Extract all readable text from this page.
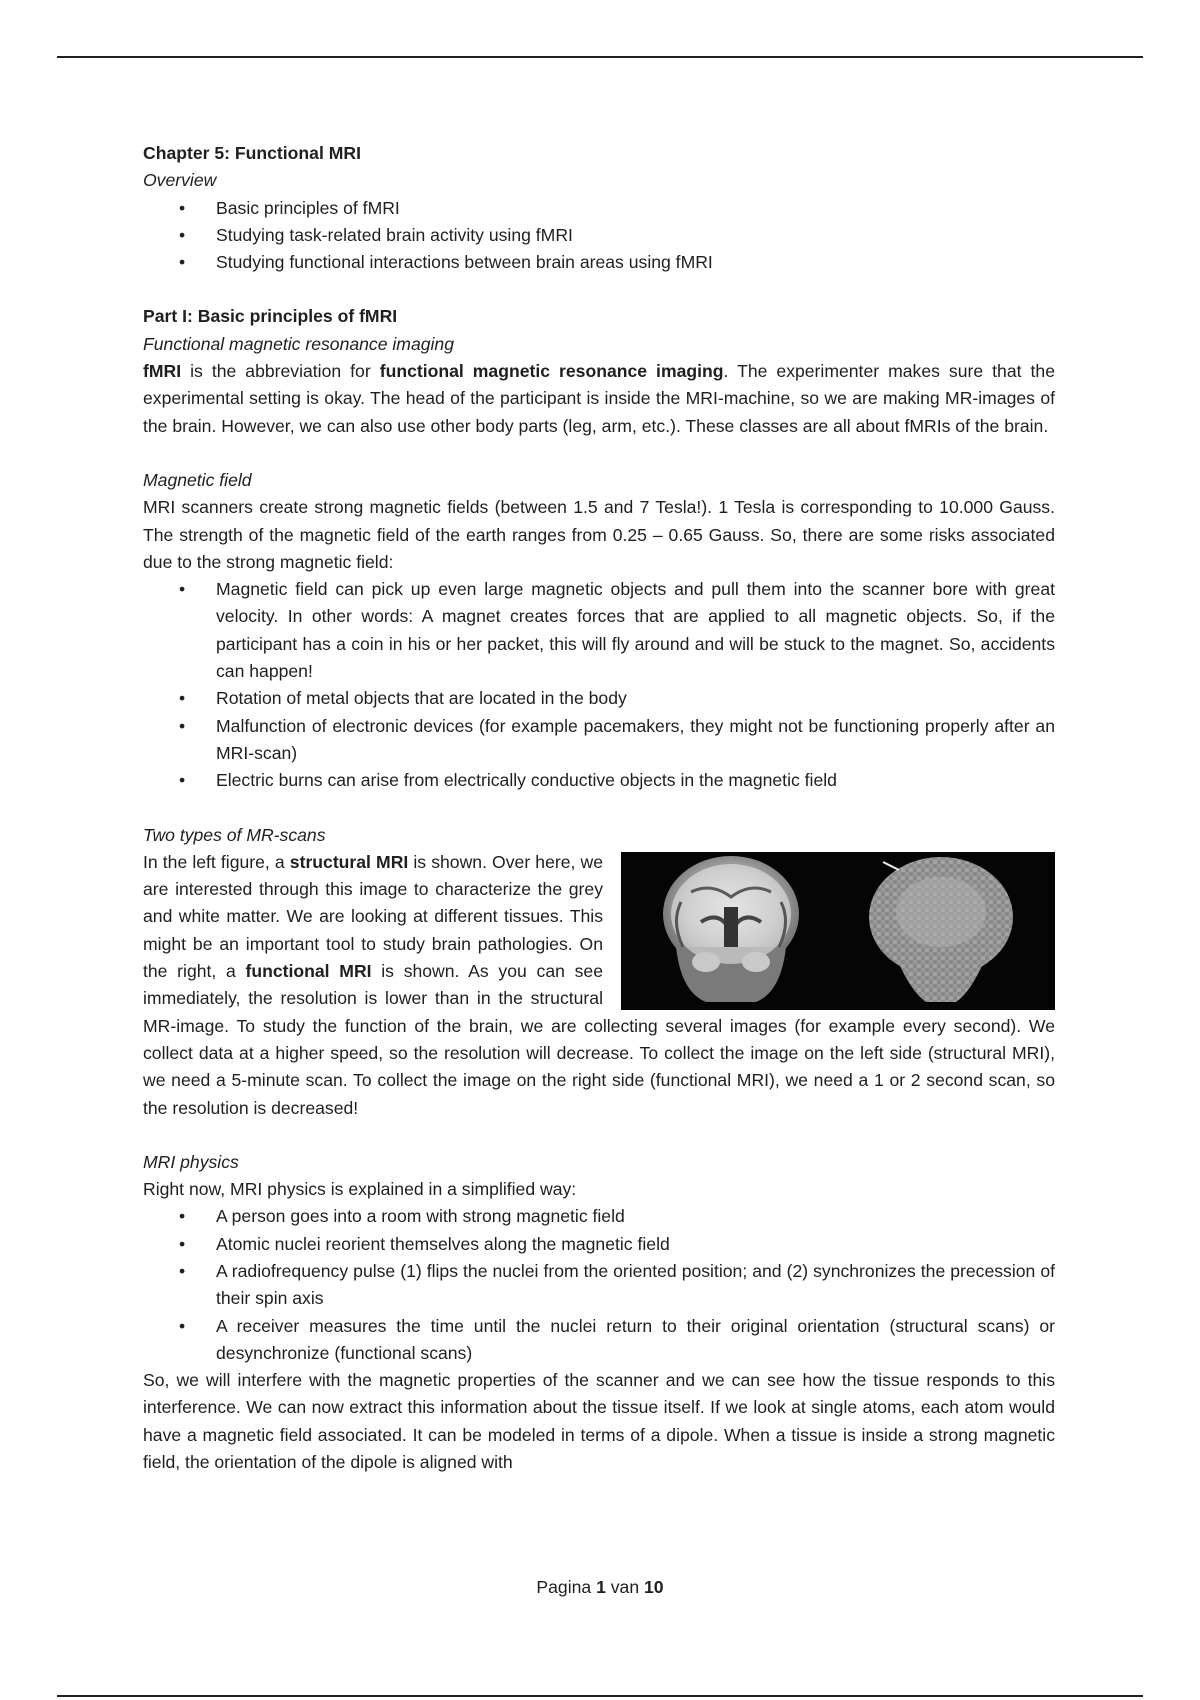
Chapter 5: Functional MRI

Overview

• Basic principles of fMRI
• Studying task-related brain activity using fMRI
• Studying functional interactions between brain areas using fMRI

Part I: Basic principles of fMRI

Functional magnetic resonance imaging

fMRI is the abbreviation for functional magnetic resonance imaging. The experimenter makes sure that the experimental setting is okay. The head of the participant is inside the MRI-machine, so we are making MR-images of the brain. However, we can also use other body parts (leg, arm, etc.). These classes are all about fMRIs of the brain.

Magnetic field

MRI scanners create strong magnetic fields (between 1.5 and 7 Tesla!). 1 Tesla is corresponding to 10.000 Gauss. The strength of the magnetic field of the earth ranges from 0.25 – 0.65 Gauss. So, there are some risks associated due to the strong magnetic field:

• Magnetic field can pick up even large magnetic objects and pull them into the scanner bore with great velocity. In other words: A magnet creates forces that are applied to all magnetic objects. So, if the participant has a coin in his or her packet, this will fly around and will be stuck to the magnet. So, accidents can happen!
• Rotation of metal objects that are located in the body
• Malfunction of electronic devices (for example pacemakers, they might not be functioning properly after an MRI-scan)
• Electric burns can arise from electrically conductive objects in the magnetic field

Two types of MR-scans

In the left figure, a structural MRI is shown. Over here, we are interested through this image to characterize the grey and white matter. We are looking at different tissues. This might be an important tool to study brain pathologies. On the right, a functional MRI is shown. As you can see immediately, the resolution is lower than in the structural MR-image. To study the function of the brain, we are collecting several images (for example every second). We collect data at a higher speed, so the resolution will decrease. To collect the image on the left side (structural MRI), we need a 5-minute scan. To collect the image on the right side (functional MRI), we need a 1 or 2 second scan, so the resolution is decreased!

MRI physics

Right now, MRI physics is explained in a simplified way:

• A person goes into a room with strong magnetic field
• Atomic nuclei reorient themselves along the magnetic field
• A radiofrequency pulse (1) flips the nuclei from the oriented position; and (2) synchronizes the precession of their spin axis
• A receiver measures the time until the nuclei return to their original orientation (structural scans) or desynchronize (functional scans)

So, we will interfere with the magnetic properties of the scanner and we can see how the tissue responds to this interference. We can now extract this information about the tissue itself. If we look at single atoms, each atom would have a magnetic field associated. It can be modeled in terms of a dipole. When a tissue is inside a strong magnetic field, the orientation of the dipole is aligned with

Pagina 1 van 10
